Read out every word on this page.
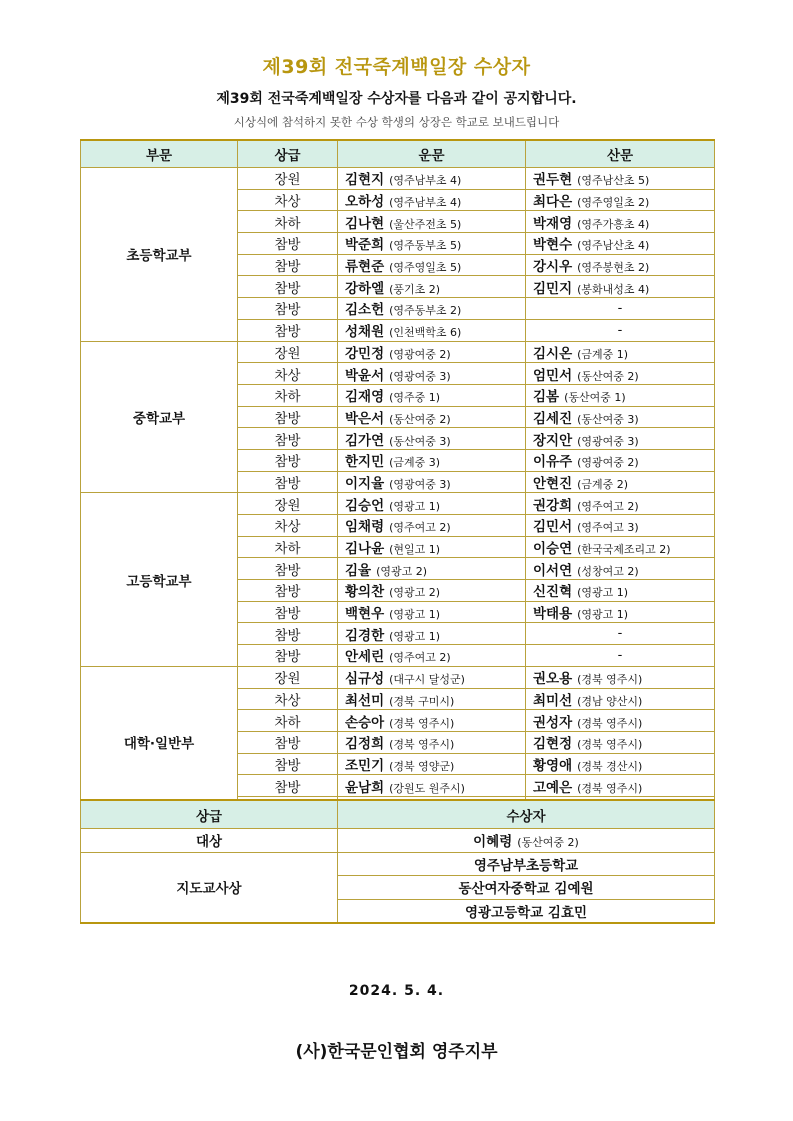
제39회 전국죽계백일장 수상자
제39회 전국죽계백일장 수상자를 다음과 같이 공지합니다.
시상식에 참석하지 못한 수상 학생의 상장은 학교로 보내드립니다
부문	상급	운문	산문
초등학교부	장원	김현지 (영주남부초 4)	권두현 (영주남산초 5)
	차상	오하성 (영주남부초 4)	최다은 (영주영일초 2)
	차하	김나현 (울산주전초 5)	박재영 (영주가흥초 4)
	참방	박준희 (영주동부초 5)	박현수 (영주남산초 4)
	참방	류현준 (영주영일초 5)	강시우 (영주봉현초 2)
	참방	강하엘 (풍기초 2)	김민지 (봉화내성초 4)
	참방	김소헌 (영주동부초 2)	-
	참방	성채원 (인천백학초 6)	-
중학교부	장원	강민정 (영광여중 2)	김시온 (금계중 1)
	차상	박윤서 (영광여중 3)	엄민서 (동산여중 2)
	차하	김재영 (영주중 1)	김봄 (동산여중 1)
	참방	박은서 (동산여중 2)	김세진 (동산여중 3)
	참방	김가연 (동산여중 3)	장지안 (영광여중 3)
	참방	한지민 (금계중 3)	이유주 (영광여중 2)
	참방	이지율 (영광여중 3)	안현진 (금계중 2)
고등학교부	장원	김승언 (영광고 1)	권강희 (영주여고 2)
	차상	임채령 (영주여고 2)	김민서 (영주여고 3)
	차하	김나윤 (현일고 1)	이승연 (한국국제조리고 2)
	참방	김율 (영광고 2)	이서연 (성창여고 2)
	참방	황의찬 (영광고 2)	신진혁 (영광고 1)
	참방	백현우 (영광고 1)	박태용 (영광고 1)
	참방	김경한 (영광고 1)	-
	참방	안세린 (영주여고 2)	-
대학·일반부	장원	심규성 (대구시 달성군)	권오용 (경북 영주시)
	차상	최선미 (경북 구미시)	최미선 (경남 양산시)
	차하	손승아 (경북 영주시)	권성자 (경북 영주시)
	참방	김정희 (경북 영주시)	김현정 (경북 영주시)
	참방	조민기 (경북 영양군)	황영애 (경북 경산시)
	참방	윤남희 (강원도 원주시)	고예은 (경북 영주시)

상급	수상자
대상	이혜령 (동산여중 2)
지도교사상	영주남부초등학교
	동산여자중학교 김예원
	영광고등학교 김효민
2024. 5. 4.
(사)한국문인협회 영주지부
